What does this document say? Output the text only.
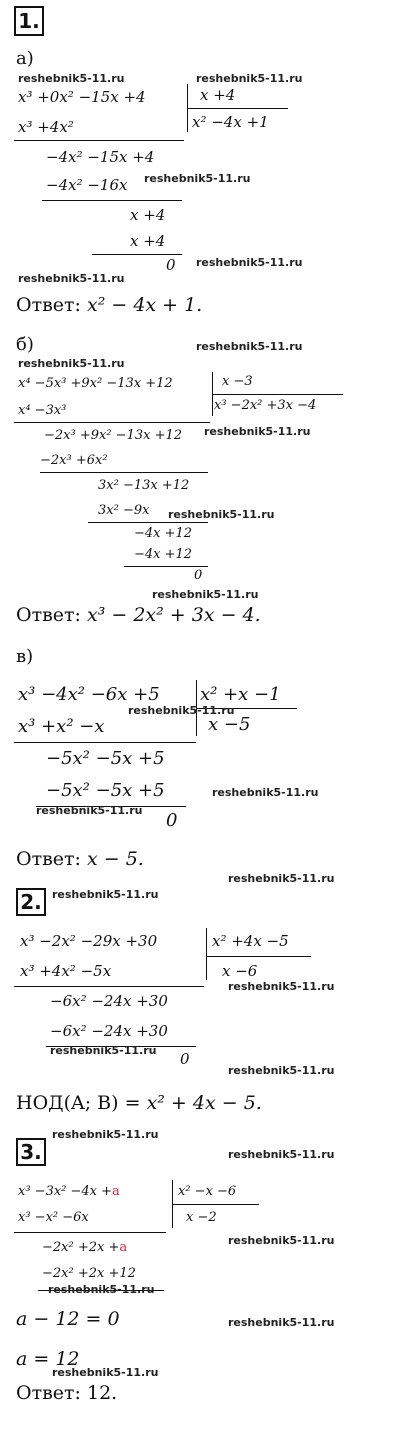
1.
а)
reshebnik5-11.ru	reshebnik5-11.ru
x³ +0x² −15x +4	x +4
x² −4x +1
x³ +4x²
−4x² −15x +4
−4x² −16x reshebnik5-11.ru
x +4
x +4
0
reshebnik5-11.ru
reshebnik5-11.ru
Ответ: x² − 4x + 1.
б)	reshebnik5-11.ru
reshebnik5-11.ru
x⁴ −5x³ +9x² −13x +12	x −3
x³ −2x² +3x −4
x⁴ −3x³
−2x³ +9x² −13x +12 reshebnik5-11.ru
−2x³ +6x²
3x² −13x +12
3x² −9x reshebnik5-11.ru
−4x +12
−4x +12
0
reshebnik5-11.ru
Ответ: x³ − 2x² + 3x − 4.
в)
x³ −4x² −6x +5 x² +x −1
x −5
reshebnik5-11.ru
x³ +x² −x
−5x² −5x +5
−5x² −5x +5	reshebnik5-11.ru
reshebnik5-11.ru 0
Ответ: x − 5.
reshebnik5-11.ru
2. reshebnik5-11.ru
x³ −2x² −29x +30	x² +4x −5
x −6
x³ +4x² −5x
reshebnik5-11.ru
−6x² −24x +30
−6x² −24x +30
reshebnik5-11.ru 0
reshebnik5-11.ru
НОД(A; B) = x² + 4x − 5.
3.
reshebnik5-11.ru
reshebnik5-11.ru
x³ −3x² −4x +a	x² −x −6
x −2
x³ −x² −6x
−2x² +2x +a	reshebnik5-11.ru
−2x² +2x +12
reshebnik5-11.ru
a − 12 = 0	reshebnik5-11.ru
a = 12
reshebnik5-11.ru
Ответ: 12.
